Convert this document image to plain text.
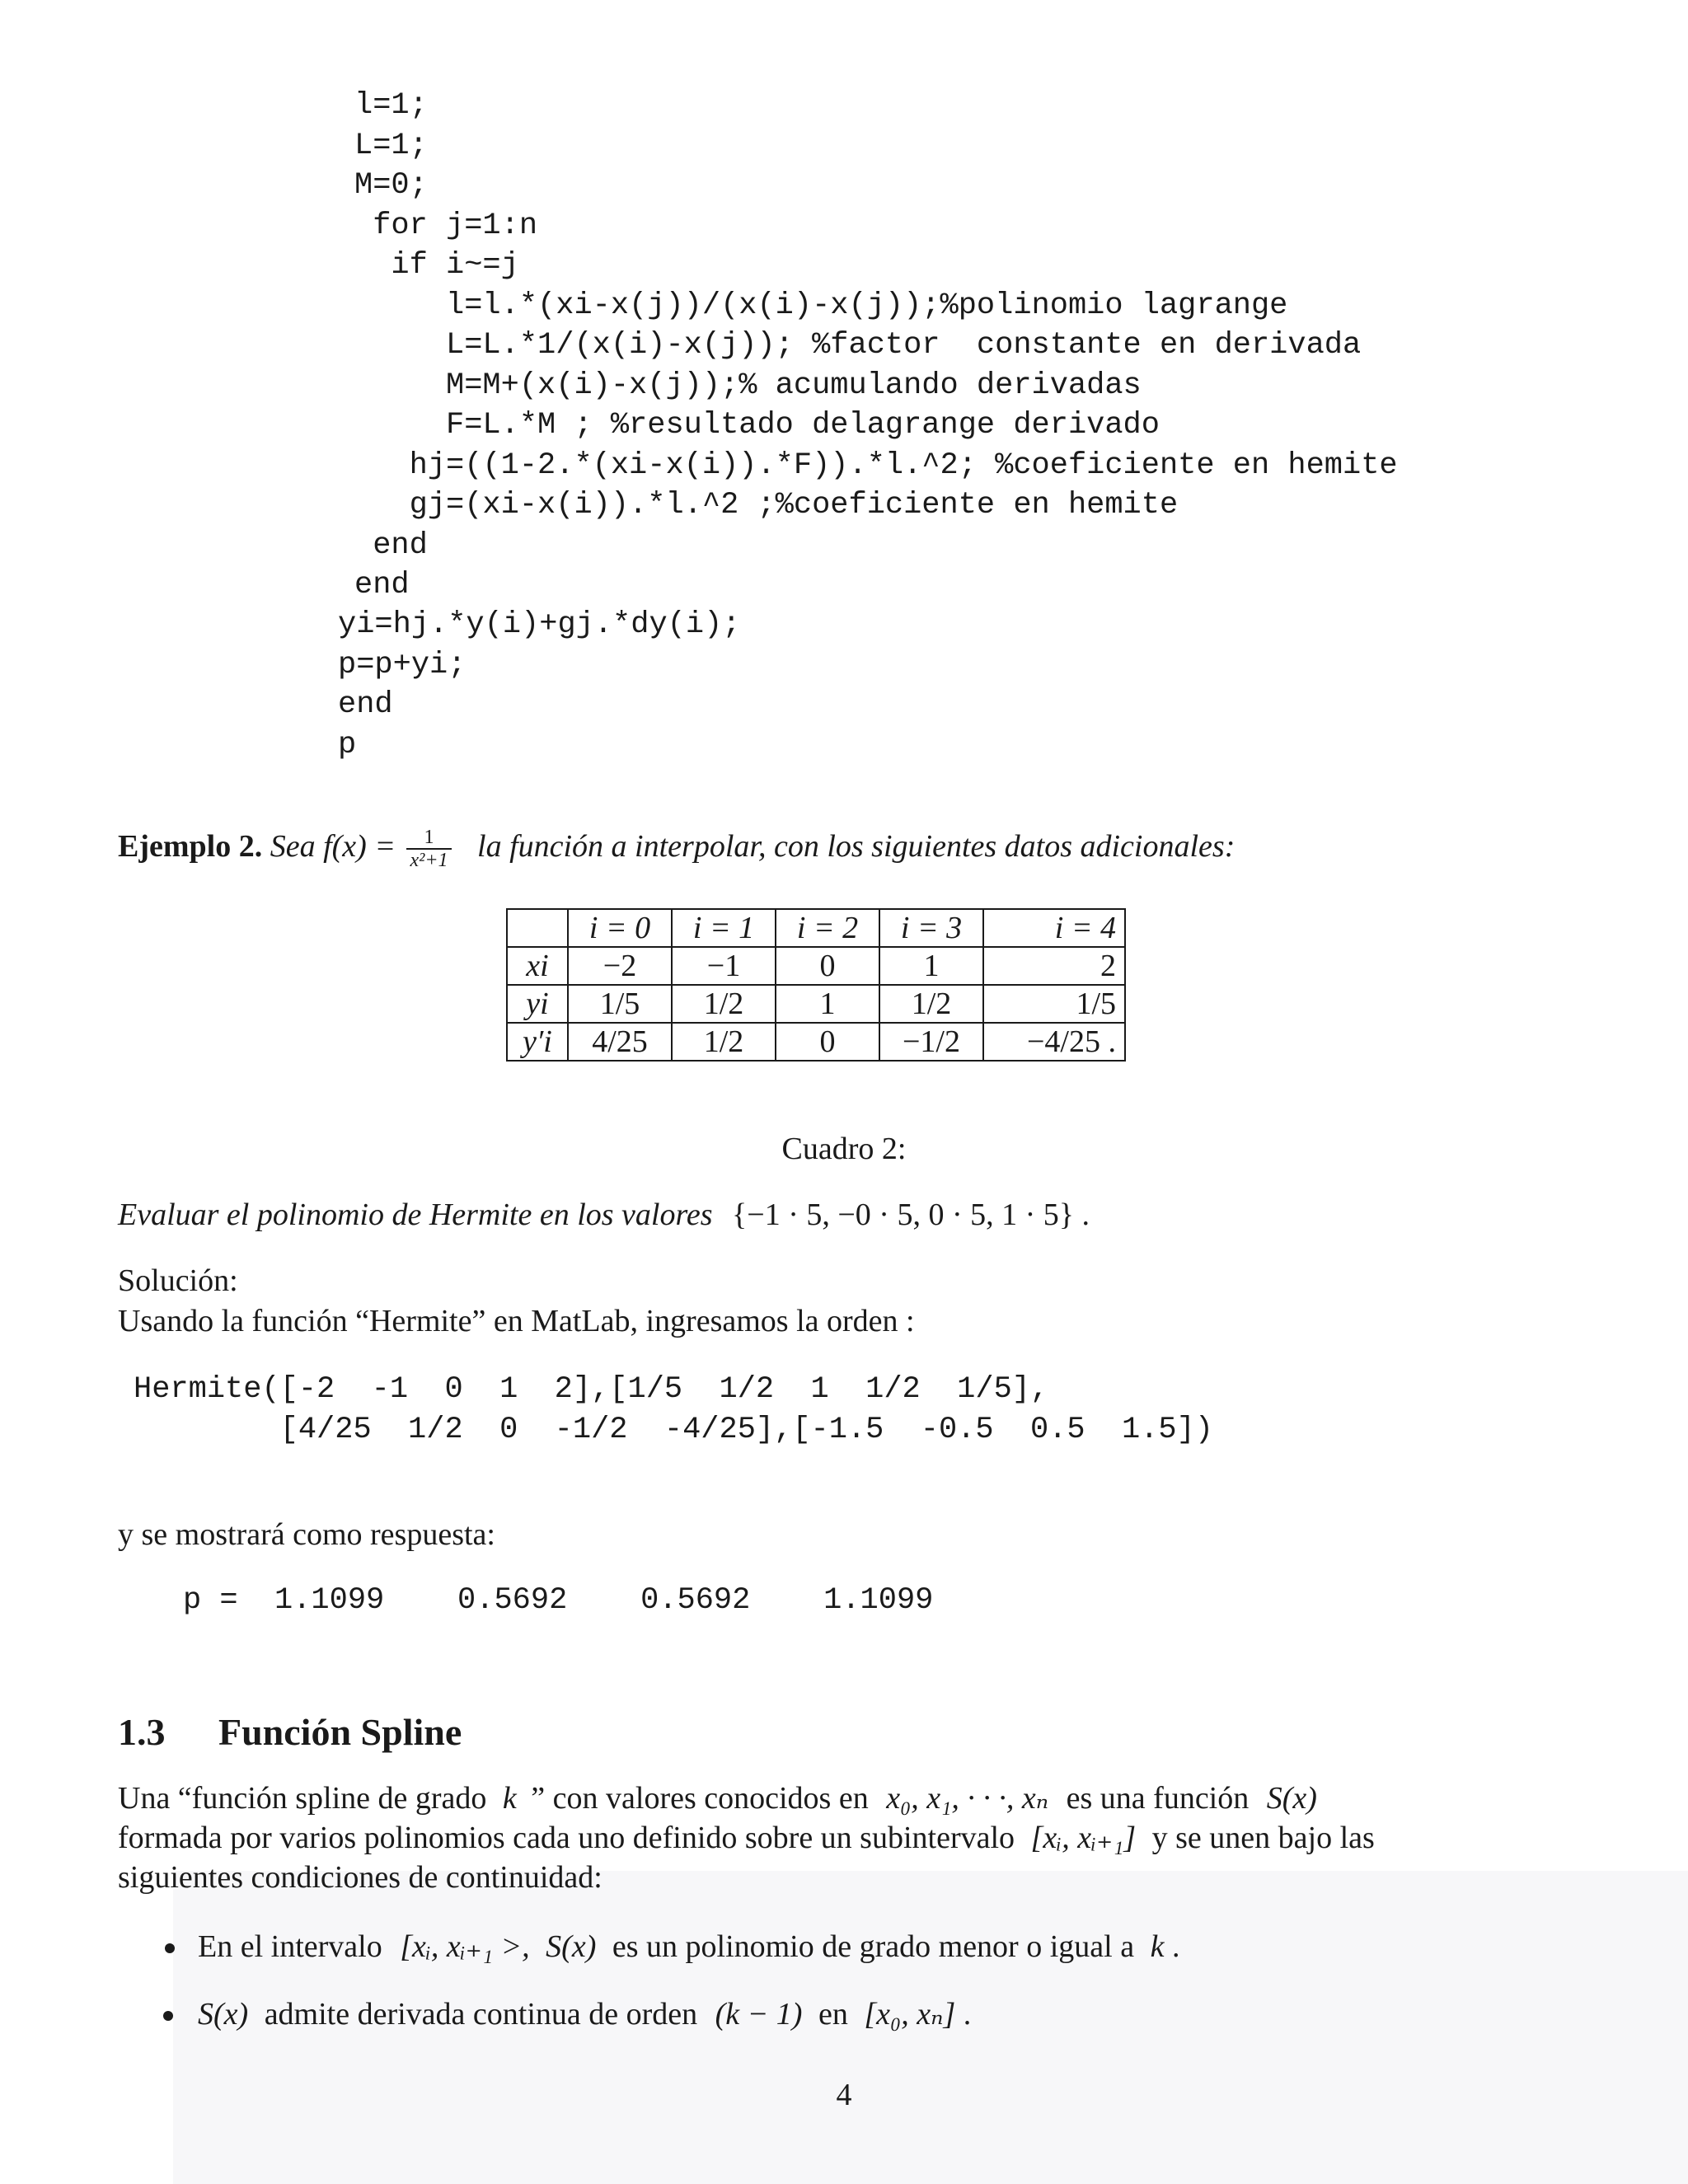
l=1;
L=1;
M=0;
for j=1:n
if i~=j
l=l.*(xi-x(j))/(x(i)-x(j));%polinomio lagrange
L=L.*1/(x(i)-x(j)); %factor  constante en derivada
M=M+(x(i)-x(j));% acumulando derivadas
F=L.*M ; %resultado delagrange derivado
hj=((1-2.*(xi-x(i)).*F)).*l.^2; %coeficiente en hemite
gj=(xi-x(i)).*l.^2 ;%coeficiente en hemite
end
end
yi=hj.*y(i)+gj.*dy(i);
p=p+yi;
end
p
Ejemplo 2. Sea $f(x) = \frac{1}{\text{x²+1}}$ la función a interpolar, con los siguientes datos adicionales:
	i = 0	i = 1	i = 2	i = 3	i = 4
xi	−2	−1	0	1	2
yi	1/5	1/2	1	1/2	1/5
y′i	4/25	1/2	0	−1/2	−4/25 .
Cuadro 2:
Evaluar el polinomio de Hermite en los valores {−1 · 5, −0 · 5, 0 · 5, 1 · 5} .
Solución:
Usando la función “Hermite” en MatLab, ingresamos la orden :
Hermite([-2  -1  0  1  2],[1/5  1/2  1  1/2  1/5],
[4/25  1/2  0  -1/2  -4/25],[-1.5  -0.5  0.5  1.5])
y se mostrará como respuesta:
p =  1.1099    0.5692    0.5692    1.1099
1.3 Función Spline
Una “función spline de grado k ” con valores conocidos en x₀, x₁, · · ·, xₙ es una función S(x)
formada por varios polinomios cada uno definido sobre un subintervalo [xᵢ, xᵢ₊₁] y se unen bajo las
siguientes condiciones de continuidad:
En el intervalo [xᵢ, xᵢ₊₁ >, S(x) es un polinomio de grado menor o igual a k .
S(x) admite derivada continua de orden (k − 1) en [x₀, xₙ] .
4
